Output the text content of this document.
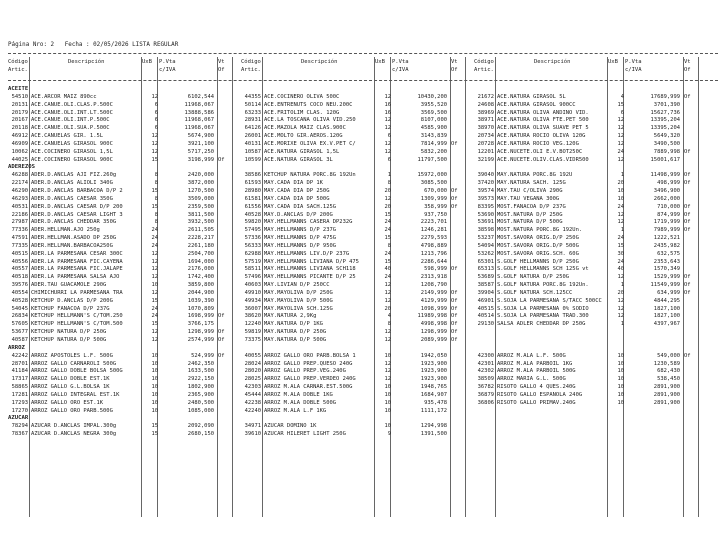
Página Nro: 2 Fecha : 02/05/2026 LISTA REGULAR
Código
Artic.
Descripción	UxB P.Vta
c/IVA
Vt
Of
Código
Artic.
Descripción	UxB P.Vta
c/IVA
Vt
Of
Código
Artic.
Descripción	UxB P.Vta
c/IVA
Vt
Of
ACEITE
54510 ACE.ARCOR MAIZ 890cc	12	6102,544	44355 ACE.COCINERO OLIVA 500C	12	10430,200	21672 ACE.NATURA GIRASOL 5L	4	17689,999 Of
20131 ACE.CAÑUE.OLI.CLAS.P.500C	6	11968,067	50114 ACE.ENTRENUTS COCO NEU.200C	16	3955,520	24608 ACE.NATURA GIRASOL 900CC	15	3701,390
20179 ACE.CAÑUE.OLI.INT.LT.500C	6	13888,586	63233 ACE.FRITOLIM CLAS. 120G	16	3569,500	38969 ACE.NATURA OLIVA ANDINO VID.	6	15627,736
20167 ACE.CAÑUE.OLI.INT.P.500C	6	11968,067	28931 ACE.LA TOSCANA OLIVA VID.250	12	8107,000	38971 ACE.NATURA OLIVA FTE.PET 500	12	13395,204
20118 ACE.CAÑUE.OLI.SUA.P.500C	6	11968,067	64126 ACE.MAZOLA MAIZ CLAS.900C	12	4585,900	38970 ACE.NATURA OLIVA SUAVE PET 5	12	13395,204
46912 ACE.CAÑUELAS GIR. 1.5L	12	5674,900	26001 ACE.MOLTO GIR.AEROS.120G	6	3143,839	20734 ACE.NATURA ROCIO OLIVA 120G	12	5649,320
46909 ACE.CAÑUELAS GIRASOL 900C	12	3921,100	40131 ACE.MORIXE OLIVA EX.V.PET C/	12	7814,999 Of	20728 ACE.NATURA ROCIO VEG.120G	12	3490,500
10062 ACE.COCINERO GIRASOL 1,5L	12	5717,250	10587 ACE.NATURA GIRASOL 1,5L	12	5832,200	12201 ACE.NUCETE.OLI E.V.BOT250C	24	7889,998 Of
44025 ACE.COCINERO GIRASOL 900C	15	3198,999 Of	10599 ACE.NATURA GIRASOL 3L	6	11797,500	32199 ACE.NUCETE.OLIV.CLAS.VIDR500	12	15001,617
ADEREZOS
46288 ADER.D.ANCLAS AJI FIZ.260g	8	2420,000	38586 KETCHUP NATURA PORC.8G 192Un	1	15972,000	39040 MAY.NATURA PORC.8G 192U	1	11498,999 Of
22174 ADER.D.ANCLAS ALIOLI 340G	8	3872,000	61593 MAY.CADA DIA DP 1K	8	3085,500	37420 MAY.NATURA SACH. 125G	20	498,999 Of
46290 ADER.D.ANCLAS BARBACOA D/P 2	15	1270,500	28980 MAY.CADA DIA DP 250G	20	670,000 Of	39574 MAY.TAU C/OLIVA 290G	10	3496,900
46293 ADER.D.ANCLAS CAESAR 350G	8	3509,000	61581 MAY.CADA DIA DP 500G	12	1309,999 Of	39573 MAY.TAU VEGANA 300G	10	2662,000
40531 ADER.D.ANCLAS CAESAR D/P 200	15	2359,500	61556 MAY.CADA DIA SACH.125G	20	358,999 Of	83395 MOST.FANACOA D/P 237G	24	710,000 Of
22186 ADER.D.ANCLAS CAESAR LIGHT 3	8	3811,500	40528 MAY.D.ANCLAS D/P 200G	15	937,750	53690 MOST.NATURA D/P 250G	12	874,999 Of
27987 ADER.D.ANCLAS CHEDDAR 350G	8	3932,500	59820 MAY.HELLMANNS CASERA DP232G	24	2223,701	53691 MOST.NATURA D/P 500G	12	1719,999 Of
77336 ADER.HELLMAN.AJO 250g	24	2611,505	57495 MAY.HELLMANNS D/P 237G	24	1246,281	38598 MOST.NATURA PORC.8G 192Un.	1	7989,999 Of
47591 ADER.HELLMAN.ASADO DP 250G	24	2228,217	57336 MAY.HELLMANNS D/P 475G	15	2279,593	53237 MOST.SAVORA ORIG.D/P 250G	24	1222,521
77335 ADER.HELLMAN.BARBACOA250G	24	2261,180	56333 MAY.HELLMANNS D/P 950G	8	4798,889	54094 MOST.SAVORA ORIG.D/P 500G	15	2435,982
40515 ADER.LA PARMESANA CESAR 300C	12	2504,700	62988 MAY.HELLMANNS LIV.D/P 237G	24	1213,796	53262 MOST.SAVORA ORIG.SCH. 60G	30	632,575
40556 ADER.LA PARMESANA FIC.CAYENA	12	1694,000	57519 MAY.HELLMANNS LIVIANA D/P 475	15	2286,644	65301 S.GOLF HELLMANNS D/P 250G	24	2353,643
40557 ADER.LA PARMESANA FIC.JALAPE	12	2176,000	58511 MAY.HELLMANNS LIVIANA SCH118	40	598,999 Of	65313 S.GOLF HELLMANNS SCH 125G vt	40	1570,349
40518 ADER.LA PARMESANA SALSA AJO	12	1742,400	57496 MAY.HELLMANNS PICANTE D/P 25	24	2313,918	53689 S.GOLF NATURA D/P 250G	12	1529,999 Of
39576 ADER.TAU GUACAMOLE 290G	10	3859,800	40603 MAY.LIVIAN D/P 250CC	12	1208,790	38587 S.GOLF NATURA PORC.8G 192Un.	1	11549,999 Of
40554 CHIMICHURRI LA PARMESANA TRA	12	2044,900	49910 MAY.MAYOLIVA D/P 250G	12	2149,999 Of	39904 S.GOLF NATURA SCH.125CC	20	634,999 Of
40528 KETCHUP D.ANCLAS D/P 200G	15	1039,390	49934 MAY.MAYOLIVA D/P 500G	12	4129,999 Of	46901 S.SOJA LA PARMESANA S/TACC 500CC	12	4844,295
54045 KETCHUP FANACOA D/P 237G	24	1070,809	36007 MAY.MAYOLIVA SCH.125G	20	1098,999 Of	40515 S.SOJA LA PARMESANA 0% SODIO	12	1827,100
26834 KETCHUP HELLMANN'S C/TOM.250	24	1698,999 Of	38620 MAY.NATURA 2,9Kg	4	11989,998 Of	40514 S.SOJA LA PARMESANA TRAD.300	12	1827,100
57605 KETCHUP HELLMANN'S C/TOM.500	15	3766,175	12240 MAY.NATURA D/P 1KG	8	4998,998 Of	29130 SALSA ADLER CHEDDAR DP 250G	1	4397,967
53677 KETCHUP NATURA D/P 250G	12	1298,999 Of	59819 MAY.NATURA D/P 250G	12	1298,999 Of
40587 KETCHUP NATURA D/P 500G	12	2574,999 Of	73375 MAY.NATURA D/P 500G	12	2089,999 Of
ARROZ
42242 ARROZ APOSTOLES L.F. 500G	10	524,999 Of	40055 ARROZ GALLO ORO PARB.BOLSA 1	10	1942,050	42300 ARROZ M.ALA L.F. 500G	10	549,000 Of
28701 ARROZ GALLO CARNAROLI 500G	10	2462,350	28024 ARROZ GALLO PREP.QUESO 240G	12	1923,900	42301 ARROZ M.ALA PARBOIL 1KG	10	1230,589
41184 ARROZ GALLO DOBLE BOLSA 500G	10	1633,500	28020 ARROZ GALLO PREP.VEG.240G	12	1923,900	42302 ARROZ M.ALA PARBOIL 500G	10	682,430
17317 ARROZ GALLO DOBLE EST.1K	10	2922,150	28025 ARROZ GALLO PREP.VERDEO 240G	12	1923,900	38509 ARROZ MARIA G.L. 500G	10	538,450
58865 ARROZ GALLO G.L.BOLSA 1K	10	1802,900	42303 ARROZ M.ALA CARNAR.EST.500G	10	1948,765	36782 RISOTO GALLO 4 QUES.240G	10	2891,900
17281 ARROZ GALLO INTEGRAL EST.1K	10	2365,900	45444 ARROZ M.ALA DOBLE 1KG	10	1684,907	36879 RISOTO GALLO ESPAÑOLA 240G	10	2891,900
17293 ARROZ GALLO ORO EST.1K	10	2480,500	42238 ARROZ M.ALA DOBLE 500G	10	935,478	36806 RISOTO GALLO PRIMAV.240G	10	2891,900
17270 ARROZ GALLO ORO PARB.500G	10	1085,000	42240 ARROZ M.ALA L.F 1KG	10	1111,172
AZUCAR
78294 AZUCAR D.ANCLAS IMPAL.300g	15	2092,090	34971 AZUCAR DOMINO 1K	10	1294,998
78367 AZUCAR D.ANCLAS NEGRA 300g	15	2680,150	39610 AZUCAR HILERET LIGHT 250G	9	1391,500
